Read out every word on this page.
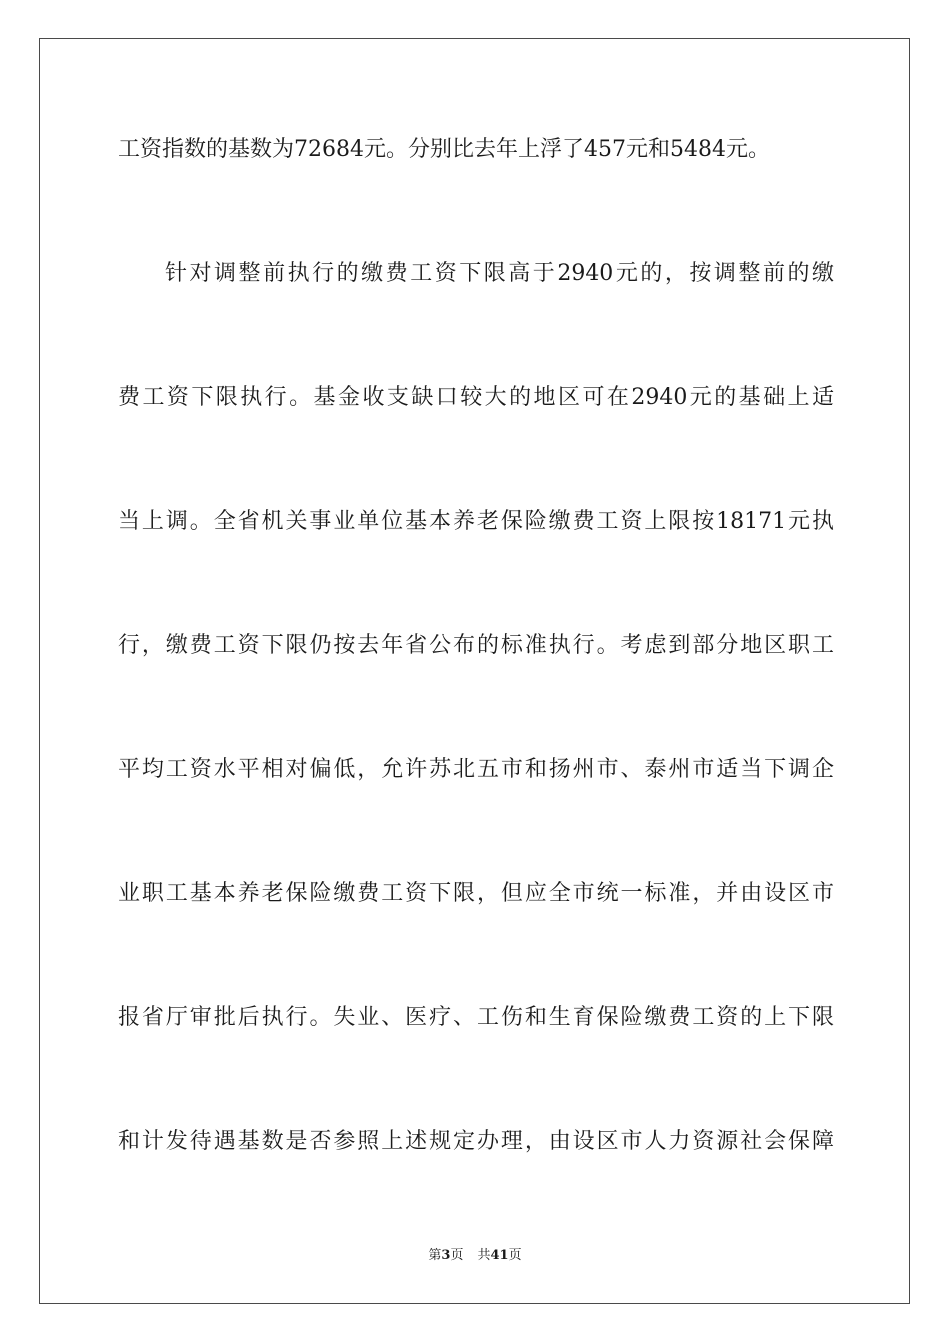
工资指数的基数为72684元。分别比去年上浮了457元和5484元。
针对调整前执行的缴费工资下限高于2940元的，按调整前的缴
费工资下限执行。基金收支缺口较大的地区可在2940元的基础上适
当上调。全省机关事业单位基本养老保险缴费工资上限按18171元执
行，缴费工资下限仍按去年省公布的标准执行。考虑到部分地区职工
平均工资水平相对偏低，允许苏北五市和扬州市、泰州市适当下调企
业职工基本养老保险缴费工资下限，但应全市统一标准，并由设区市
报省厅审批后执行。失业、医疗、工伤和生育保险缴费工资的上下限
和计发待遇基数是否参照上述规定办理，由设区市人力资源社会保障
第3页 共41页
